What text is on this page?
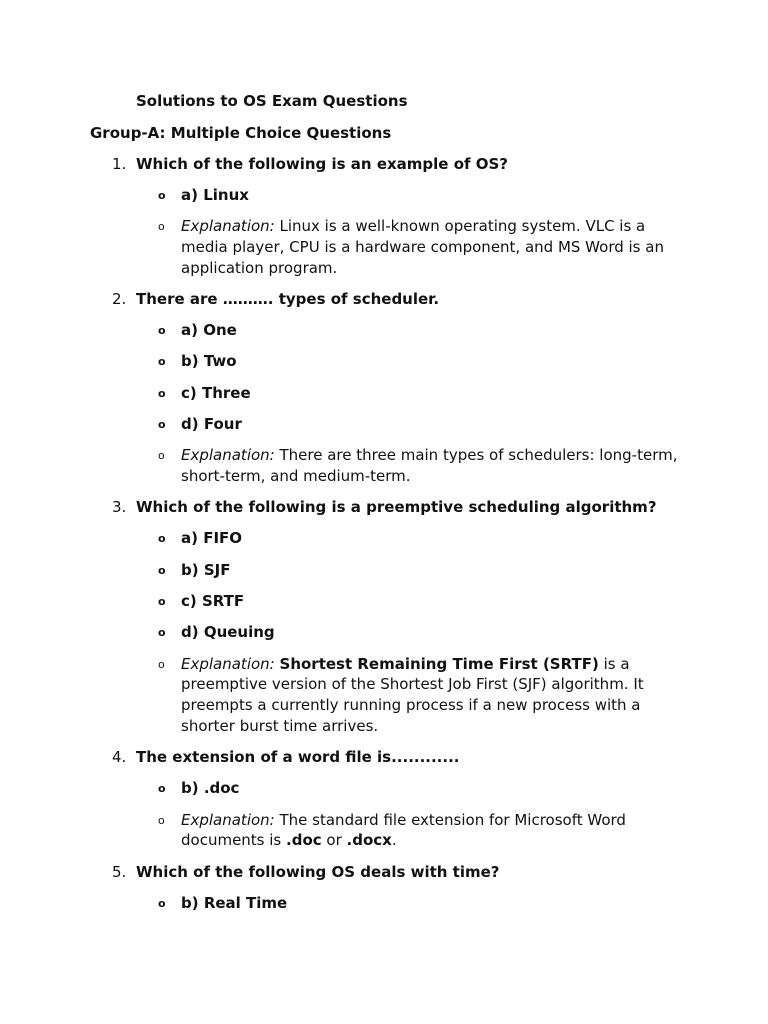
Solutions to OS Exam Questions
Group-A: Multiple Choice Questions
1. Which of the following is an example of OS?
o a) Linux
o Explanation: Linux is a well-known operating system. VLC is a media player, CPU is a hardware component, and MS Word is an application program.
2. There are ………. types of scheduler.
o a) One
o b) Two
o c) Three
o d) Four
o Explanation: There are three main types of schedulers: long-term, short-term, and medium-term.
3. Which of the following is a preemptive scheduling algorithm?
o a) FIFO
o b) SJF
o c) SRTF
o d) Queuing
o Explanation: Shortest Remaining Time First (SRTF) is a preemptive version of the Shortest Job First (SJF) algorithm. It preempts a currently running process if a new process with a shorter burst time arrives.
4. The extension of a word file is............
o b) .doc
o Explanation: The standard file extension for Microsoft Word documents is .doc or .docx.
5. Which of the following OS deals with time?
o b) Real Time
